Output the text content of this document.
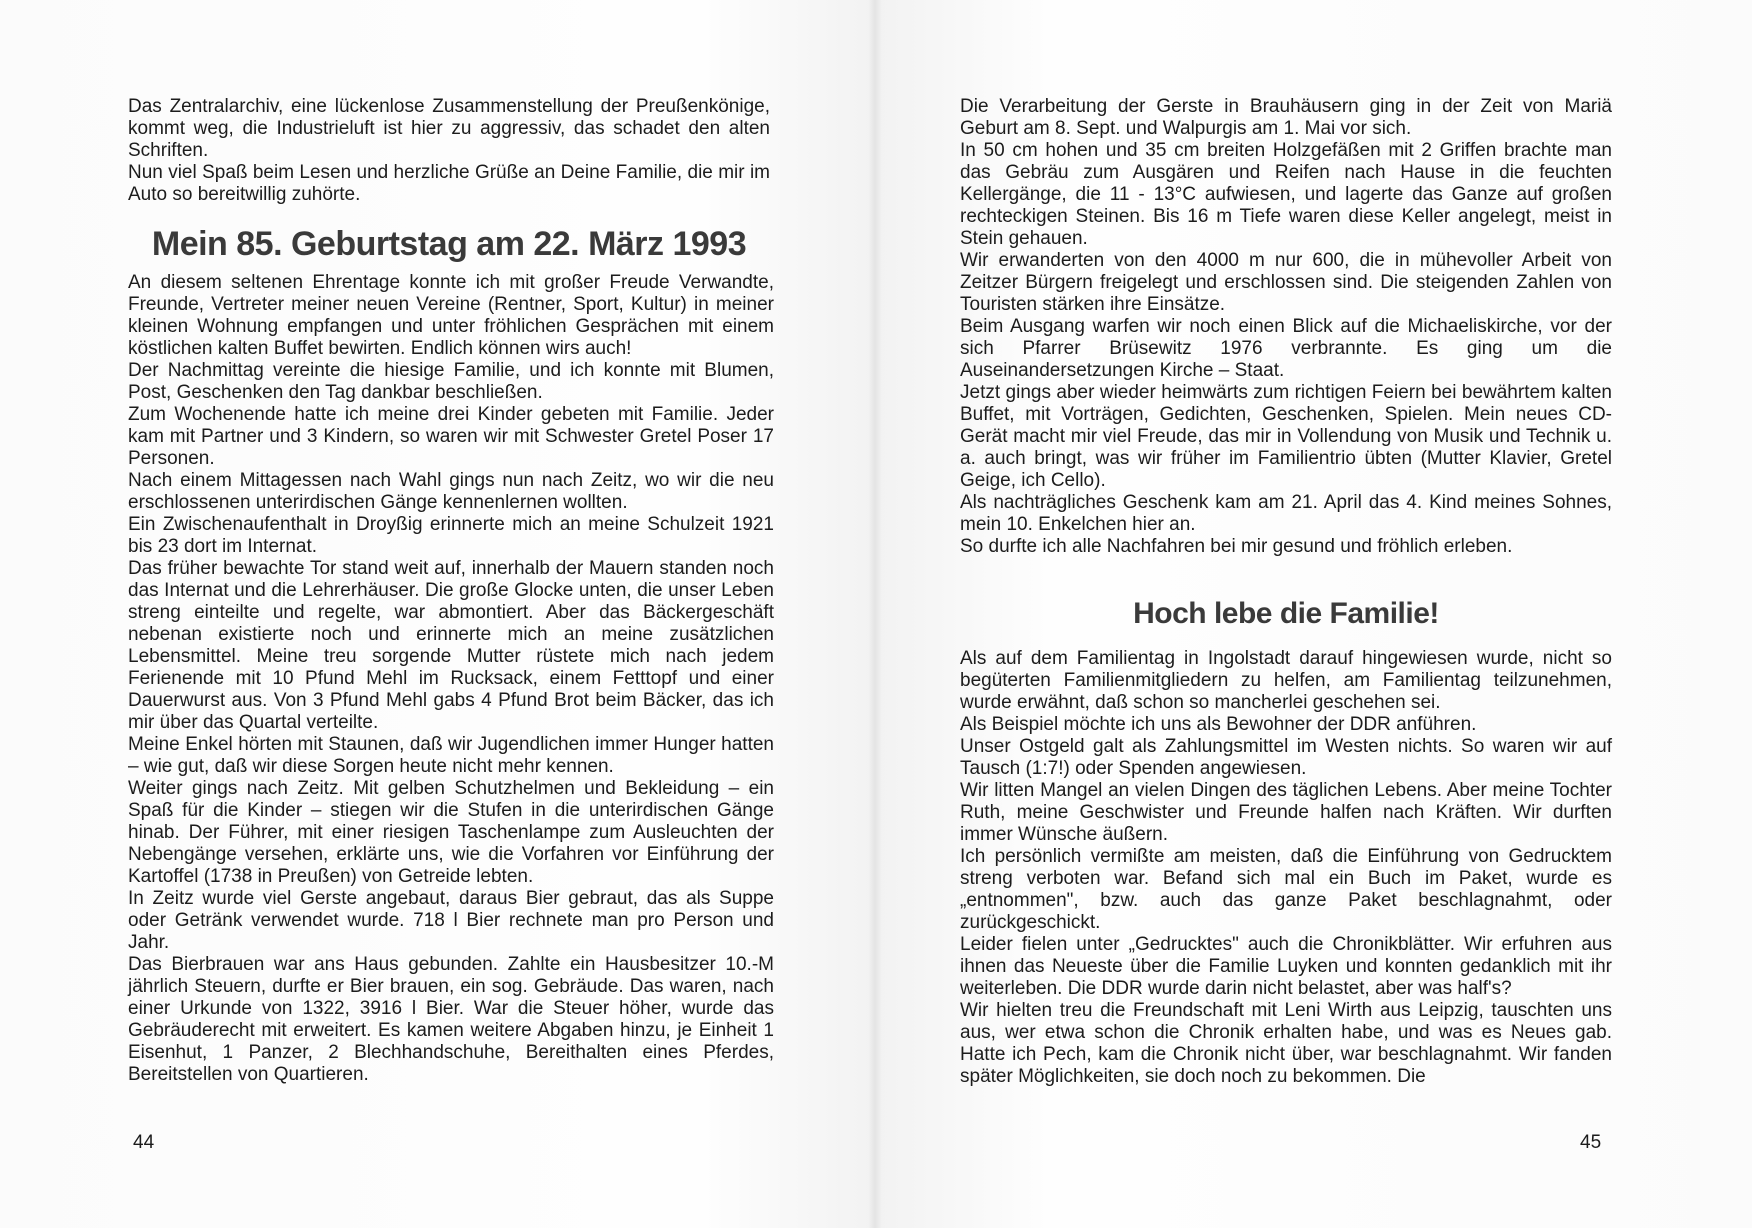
Das Zentralarchiv, eine lückenlose Zusammenstellung der Preußenkönige, kommt weg, die Industrieluft ist hier zu aggressiv, das schadet den alten Schriften.

Nun viel Spaß beim Lesen und herzliche Grüße an Deine Familie, die mir im Auto so bereitwillig zuhörte.

Mein 85. Geburtstag am 22. März 1993

An diesem seltenen Ehrentage konnte ich mit großer Freude Verwandte, Freunde, Vertreter meiner neuen Vereine (Rentner, Sport, Kultur) in meiner kleinen Wohnung empfangen und unter fröhlichen Gesprächen mit einem köstlichen kalten Buffet bewirten. Endlich können wirs auch!

Der Nachmittag vereinte die hiesige Familie, und ich konnte mit Blumen, Post, Geschenken den Tag dankbar beschließen.

Zum Wochenende hatte ich meine drei Kinder gebeten mit Familie. Jeder kam mit Partner und 3 Kindern, so waren wir mit Schwester Gretel Poser 17 Personen.

Nach einem Mittagessen nach Wahl gings nun nach Zeitz, wo wir die neu erschlossenen unterirdischen Gänge kennenlernen wollten.

Ein Zwischenaufenthalt in Droyßig erinnerte mich an meine Schulzeit 1921 bis 23 dort im Internat.

Das früher bewachte Tor stand weit auf, innerhalb der Mauern standen noch das Internat und die Lehrerhäuser. Die große Glocke unten, die unser Leben streng einteilte und regelte, war abmontiert. Aber das Bäckergeschäft nebenan existierte noch und erinnerte mich an meine zusätzlichen Lebensmittel. Meine treu sorgende Mutter rüstete mich nach jedem Ferienende mit 10 Pfund Mehl im Rucksack, einem Fetttopf und einer Dauerwurst aus. Von 3 Pfund Mehl gabs 4 Pfund Brot beim Bäcker, das ich mir über das Quartal verteilte.

Meine Enkel hörten mit Staunen, daß wir Jugendlichen immer Hunger hatten – wie gut, daß wir diese Sorgen heute nicht mehr kennen.

Weiter gings nach Zeitz. Mit gelben Schutzhelmen und Bekleidung – ein Spaß für die Kinder – stiegen wir die Stufen in die unterirdischen Gänge hinab. Der Führer, mit einer riesigen Taschenlampe zum Ausleuchten der Nebengänge versehen, erklärte uns, wie die Vorfahren vor Einführung der Kartoffel (1738 in Preußen) von Getreide lebten.

In Zeitz wurde viel Gerste angebaut, daraus Bier gebraut, das als Suppe oder Getränk verwendet wurde. 718 l Bier rechnete man pro Person und Jahr.

Das Bierbrauen war ans Haus gebunden. Zahlte ein Hausbesitzer 10.-M jährlich Steuern, durfte er Bier brauen, ein sog. Gebräude. Das waren, nach einer Urkunde von 1322, 3916 l Bier. War die Steuer höher, wurde das Gebräuderecht mit erweitert. Es kamen weitere Abgaben hinzu, je Einheit 1 Eisenhut, 1 Panzer, 2 Blechhandschuhe, Bereithalten eines Pferdes, Bereitstellen von Quartieren.

44

Die Verarbeitung der Gerste in Brauhäusern ging in der Zeit von Mariä Geburt am 8. Sept. und Walpurgis am 1. Mai vor sich.

In 50 cm hohen und 35 cm breiten Holzgefäßen mit 2 Griffen brachte man das Gebräu zum Ausgären und Reifen nach Hause in die feuchten Kellergänge, die 11 - 13°C aufwiesen, und lagerte das Ganze auf großen rechteckigen Steinen. Bis 16 m Tiefe waren diese Keller angelegt, meist in Stein gehauen.

Wir erwanderten von den 4000 m nur 600, die in mühevoller Arbeit von Zeitzer Bürgern freigelegt und erschlossen sind. Die steigenden Zahlen von Touristen stärken ihre Einsätze.

Beim Ausgang warfen wir noch einen Blick auf die Michaeliskirche, vor der sich Pfarrer Brüsewitz 1976 verbrannte. Es ging um die Auseinandersetzungen Kirche – Staat.

Jetzt gings aber wieder heimwärts zum richtigen Feiern bei bewährtem kalten Buffet, mit Vorträgen, Gedichten, Geschenken, Spielen. Mein neues CD-Gerät macht mir viel Freude, das mir in Vollendung von Musik und Technik u. a. auch bringt, was wir früher im Familientrio übten (Mutter Klavier, Gretel Geige, ich Cello).

Als nachträgliches Geschenk kam am 21. April das 4. Kind meines Sohnes, mein 10. Enkelchen hier an.

So durfte ich alle Nachfahren bei mir gesund und fröhlich erleben.

Hoch lebe die Familie!

Als auf dem Familientag in Ingolstadt darauf hingewiesen wurde, nicht so begüterten Familienmitgliedern zu helfen, am Familientag teilzunehmen, wurde erwähnt, daß schon so mancherlei geschehen sei.

Als Beispiel möchte ich uns als Bewohner der DDR anführen.

Unser Ostgeld galt als Zahlungsmittel im Westen nichts. So waren wir auf Tausch (1:7!) oder Spenden angewiesen.

Wir litten Mangel an vielen Dingen des täglichen Lebens. Aber meine Tochter Ruth, meine Geschwister und Freunde halfen nach Kräften. Wir durften immer Wünsche äußern.

Ich persönlich vermißte am meisten, daß die Einführung von Gedrucktem streng verboten war. Befand sich mal ein Buch im Paket, wurde es „entnommen", bzw. auch das ganze Paket beschlagnahmt, oder zurückgeschickt.

Leider fielen unter „Gedrucktes" auch die Chronikblätter. Wir erfuhren aus ihnen das Neueste über die Familie Luyken und konnten gedanklich mit ihr weiterleben. Die DDR wurde darin nicht belastet, aber was half's?

Wir hielten treu die Freundschaft mit Leni Wirth aus Leipzig, tauschten uns aus, wer etwa schon die Chronik erhalten habe, und was es Neues gab. Hatte ich Pech, kam die Chronik nicht über, war beschlagnahmt. Wir fanden später Möglichkeiten, sie doch noch zu bekommen. Die

45
